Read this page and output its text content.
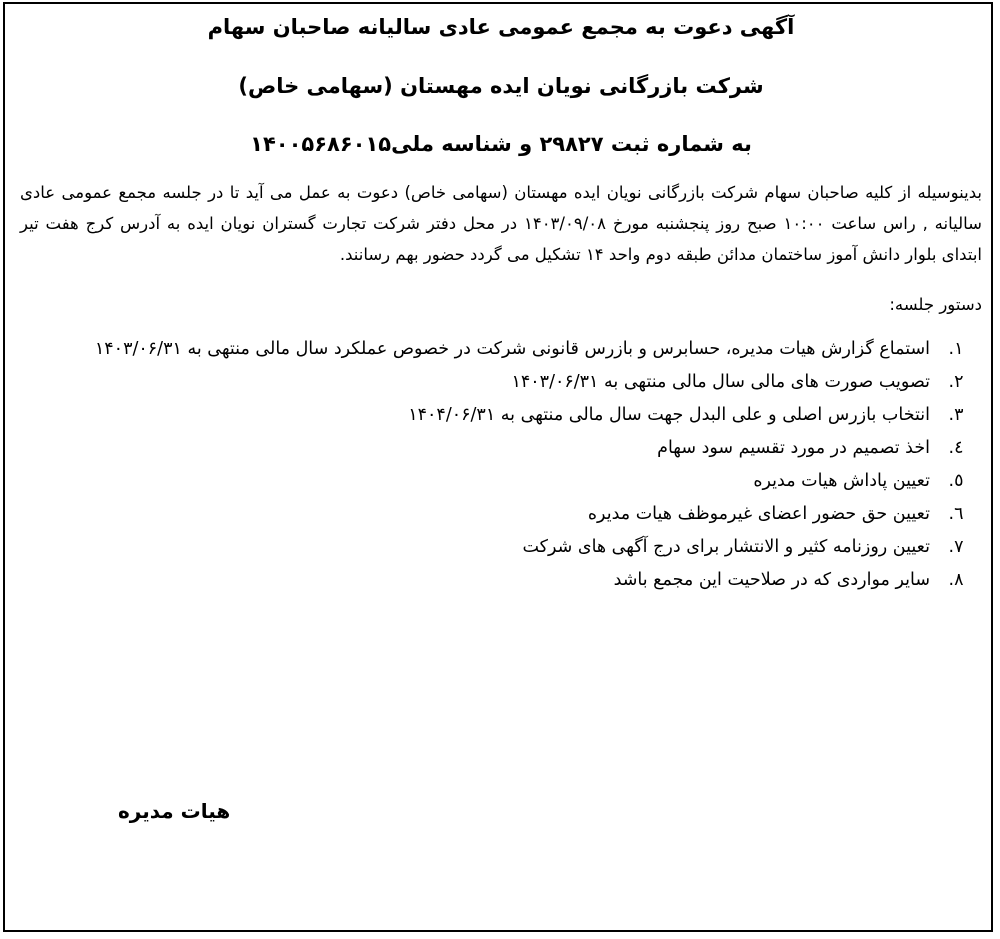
آگهی دعوت به مجمع عمومی عادی سالیانه صاحبان سهام
شرکت بازرگانی نویان ایده مهستان (سهامی خاص)
به شماره ثبت ۲۹۸۲۷ و شناسه ملی۱۴۰۰۵۶۸۶۰۱۵

بدینوسیله از کلیه صاحبان سهام شرکت بازرگانی نویان ایده مهستان (سهامی خاص) دعوت به عمل می آید تا در جلسه مجمع عمومی عادی سالیانه , راس ساعت ۱۰:۰۰ صبح روز پنجشنبه مورخ ۱۴۰۳/۰۹/۰۸ در محل دفتر شرکت تجارت گستران نویان ایده به آدرس کرج هفت تیر ابتدای بلوار دانش آموز ساختمان مدائن طبقه دوم واحد ۱۴ تشکیل می گردد حضور بهم رسانند.

دستور جلسه:
۱.
استماع گزارش هیات مدیره، حسابرس و بازرس قانونی شرکت در خصوص عملکرد سال مالی منتهی به ۱۴۰۳/۰۶/۳۱
۲.
تصویب صورت های مالی سال مالی منتهی به ۱۴۰۳/۰۶/۳۱
۳.
انتخاب بازرس اصلی و علی البدل جهت سال مالی منتهی به ۱۴۰۴/۰۶/۳۱
٤.
اخذ تصمیم در مورد تقسیم سود سهام
٥.
تعیین پاداش هیات مدیره
٦.
تعیین حق حضور اعضای غیرموظف هیات مدیره
۷.
تعیین روزنامه کثیر و الانتشار برای درج آگهی های شرکت
۸.
سایر مواردی که در صلاحیت این مجمع باشد
هیات مدیره
